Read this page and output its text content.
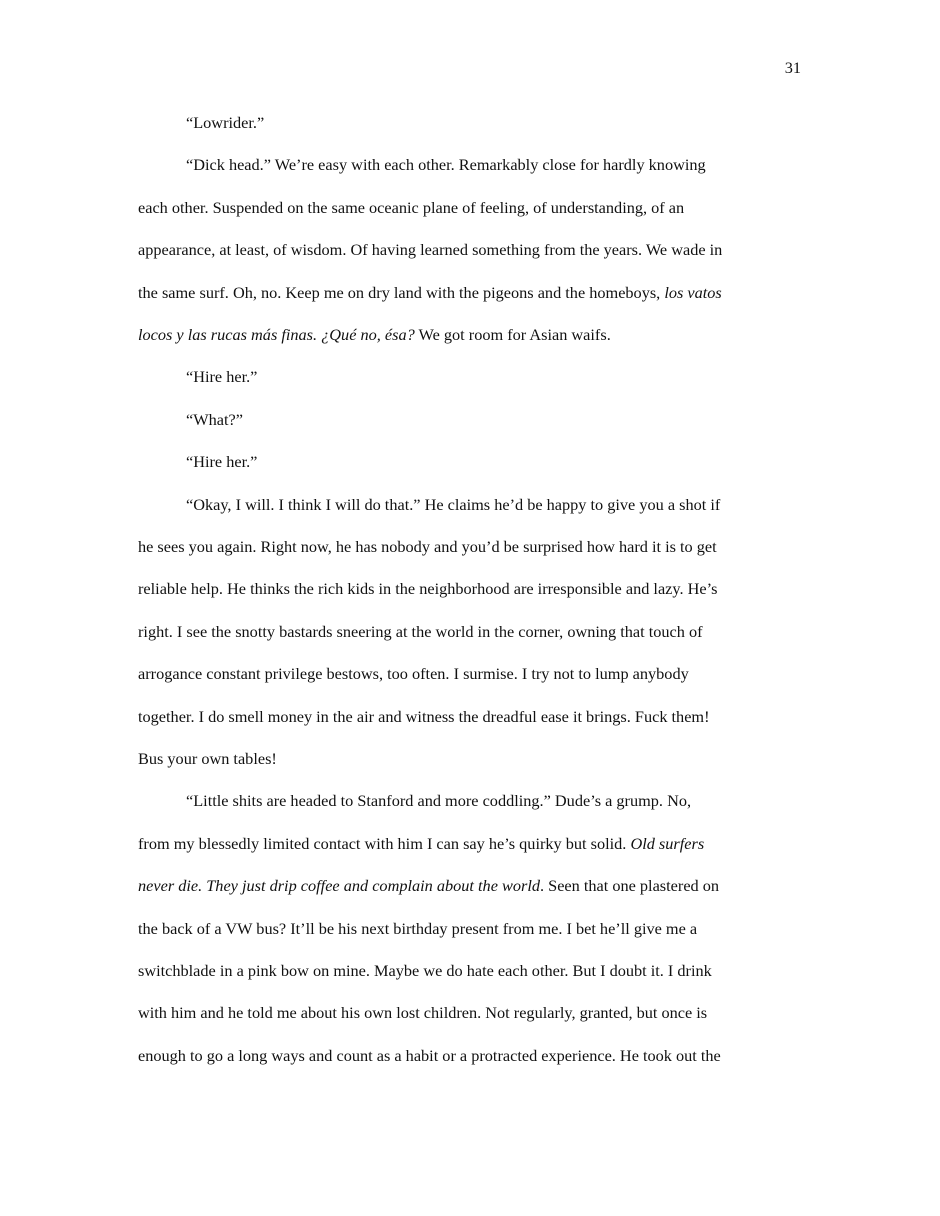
31
“Lowrider.”
“Dick head.” We’re easy with each other. Remarkably close for hardly knowing
each other. Suspended on the same oceanic plane of feeling, of understanding, of an
appearance, at least, of wisdom. Of having learned something from the years. We wade in
the same surf. Oh, no. Keep me on dry land with the pigeons and the homeboys, los vatos
locos y las rucas más finas. ¿Qué no, ésa? We got room for Asian waifs.
“Hire her.”
“What?”
“Hire her.”
“Okay, I will. I think I will do that.” He claims he’d be happy to give you a shot if
he sees you again. Right now, he has nobody and you’d be surprised how hard it is to get
reliable help. He thinks the rich kids in the neighborhood are irresponsible and lazy. He’s
right. I see the snotty bastards sneering at the world in the corner, owning that touch of
arrogance constant privilege bestows, too often. I surmise. I try not to lump anybody
together. I do smell money in the air and witness the dreadful ease it brings. Fuck them!
Bus your own tables!
“Little shits are headed to Stanford and more coddling.” Dude’s a grump. No,
from my blessedly limited contact with him I can say he’s quirky but solid. Old surfers
never die. They just drip coffee and complain about the world. Seen that one plastered on
the back of a VW bus? It’ll be his next birthday present from me. I bet he’ll give me a
switchblade in a pink bow on mine. Maybe we do hate each other. But I doubt it. I drink
with him and he told me about his own lost children. Not regularly, granted, but once is
enough to go a long ways and count as a habit or a protracted experience. He took out the
